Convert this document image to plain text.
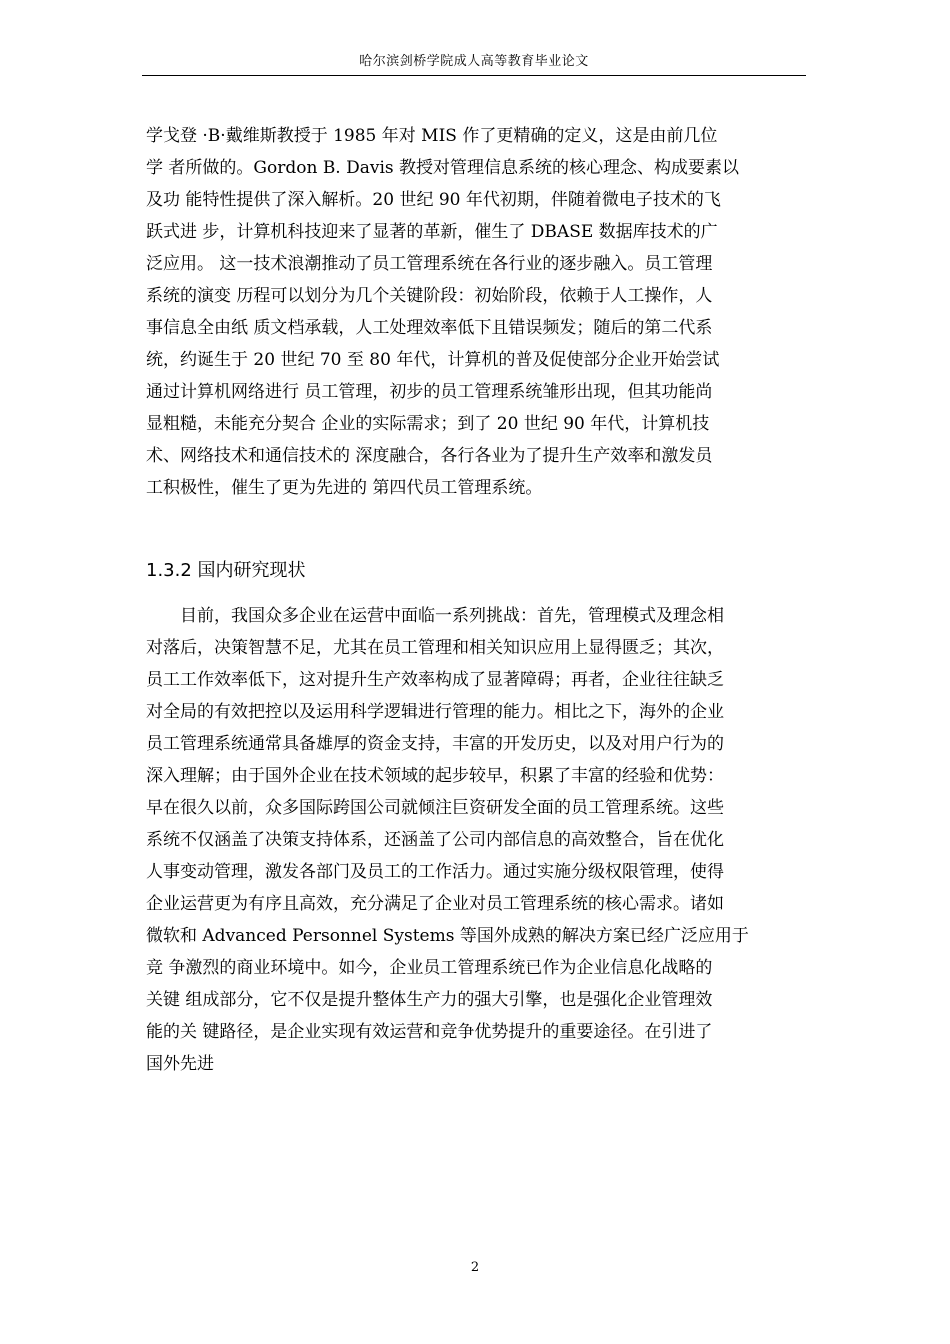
哈尔滨剑桥学院成人高等教育毕业论文
学戈登 ·B·戴维斯教授于 1985 年对 MIS 作了更精确的定义，这是由前几位
学 者所做的。Gordon B. Davis 教授对管理信息系统的核心理念、构成要素以
及功 能特性提供了深入解析。20 世纪 90 年代初期，伴随着微电子技术的飞
跃式进 步，计算机科技迎来了显著的革新，催生了 DBASE 数据库技术的广
泛应用。 这一技术浪潮推动了员工管理系统在各行业的逐步融入。员工管理
系统的演变 历程可以划分为几个关键阶段：初始阶段，依赖于人工操作，人
事信息全由纸 质文档承载，人工处理效率低下且错误频发；随后的第二代系
统，约诞生于 20 世纪 70 至 80 年代，计算机的普及促使部分企业开始尝试
通过计算机网络进行 员工管理，初步的员工管理系统雏形出现，但其功能尚
显粗糙，未能充分契合 企业的实际需求；到了 20 世纪 90 年代，计算机技
术、网络技术和通信技术的 深度融合，各行各业为了提升生产效率和激发员
工积极性，催生了更为先进的 第四代员工管理系统。
1.3.2 国内研究现状
　　目前，我国众多企业在运营中面临一系列挑战：首先，管理模式及理念相
对落后，决策智慧不足，尤其在员工管理和相关知识应用上显得匮乏；其次，
员工工作效率低下，这对提升生产效率构成了显著障碍；再者，企业往往缺乏
对全局的有效把控以及运用科学逻辑进行管理的能力。相比之下，海外的企业
员工管理系统通常具备雄厚的资金支持，丰富的开发历史，以及对用户行为的
深入理解；由于国外企业在技术领域的起步较早，积累了丰富的经验和优势：
早在很久以前，众多国际跨国公司就倾注巨资研发全面的员工管理系统。这些
系统不仅涵盖了决策支持体系，还涵盖了公司内部信息的高效整合，旨在优化
人事变动管理，激发各部门及员工的工作活力。通过实施分级权限管理，使得
企业运营更为有序且高效，充分满足了企业对员工管理系统的核心需求。诸如
微软和 Advanced Personnel Systems 等国外成熟的解决方案已经广泛应用于
竞 争激烈的商业环境中。如今，企业员工管理系统已作为企业信息化战略的
关键 组成部分，它不仅是提升整体生产力的强大引擎，也是强化企业管理效
能的关 键路径，是企业实现有效运营和竞争优势提升的重要途径。在引进了
国外先进
2
